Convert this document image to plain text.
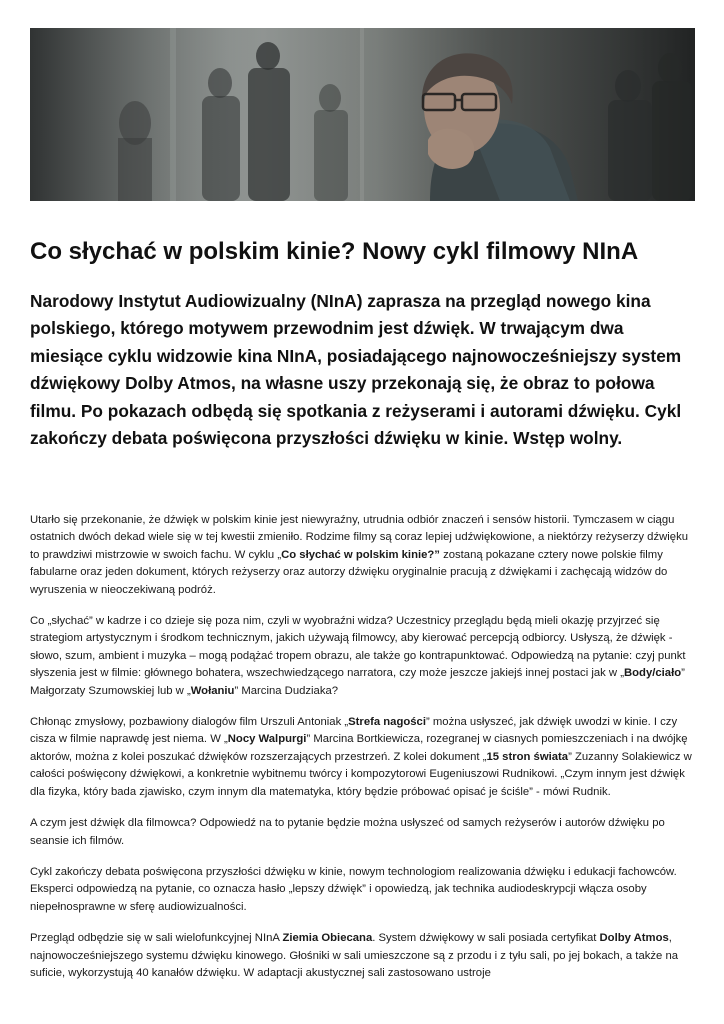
Co słychać w polskim kinie? Nowy cykl filmowy NInA

Narodowy Instytut Audiowizualny (NInA) zaprasza na przegląd nowego kina polskiego, którego motywem przewodnim jest dźwięk. W trwającym dwa miesiące cyklu widzowie kina NInA, posiadającego najnowocześniejszy system dźwiękowy Dolby Atmos, na własne uszy przekonają się, że obraz to połowa filmu. Po pokazach odbędą się spotkania z reżyserami i autorami dźwięku. Cykl zakończy debata poświęcona przyszłości dźwięku w kinie. Wstęp wolny.

Utarło się przekonanie, że dźwięk w polskim kinie jest niewyraźny, utrudnia odbiór znaczeń i sensów historii. Tymczasem w ciągu ostatnich dwóch dekad wiele się w tej kwestii zmieniło. Rodzime filmy są coraz lepiej udźwiękowione, a niektórzy reżyserzy dźwięku to prawdziwi mistrzowie w swoich fachu. W cyklu „Co słychać w polskim kinie?” zostaną pokazane cztery nowe polskie filmy fabularne oraz jeden dokument, których reżyserzy oraz autorzy dźwięku oryginalnie pracują z dźwiękami i zachęcają widzów do wyruszenia w nieoczekiwaną podróż.

Co „słychać” w kadrze i co dzieje się poza nim, czyli w wyobraźni widza? Uczestnicy przeglądu będą mieli okazję przyjrzeć się strategiom artystycznym i środkom technicznym, jakich używają filmowcy, aby kierować percepcją odbiorcy. Usłyszą, że dźwięk - słowo, szum, ambient i muzyka – mogą podążać tropem obrazu, ale także go kontrapunktować. Odpowiedzą na pytanie: czyj punkt słyszenia jest w filmie: głównego bohatera, wszechwiedzącego narratora, czy może jeszcze jakiejś innej postaci jak w „Body/ciało” Małgorzaty Szumowskiej lub w „Wołaniu” Marcina Dudziaka?

Chłonąc zmysłowy, pozbawiony dialogów film Urszuli Antoniak „Strefa nagości” można usłyszeć, jak dźwięk uwodzi w kinie. I czy cisza w filmie naprawdę jest niema. W „Nocy Walpurgi” Marcina Bortkiewicza, rozegranej w ciasnych pomieszczeniach i na dwójkę aktorów, można z kolei poszukać dźwięków rozszerzających przestrzeń. Z kolei dokument „15 stron świata” Zuzanny Solakiewicz w całości poświęcony dźwiękowi, a konkretnie wybitnemu twórcy i kompozytorowi Eugeniuszowi Rudnikowi. „Czym innym jest dźwięk dla fizyka, który bada zjawisko, czym innym dla matematyka, który będzie próbować opisać je ściśle” - mówi Rudnik.

A czym jest dźwięk dla filmowca? Odpowiedź na to pytanie będzie można usłyszeć od samych reżyserów i autorów dźwięku po seansie ich filmów.

Cykl zakończy debata poświęcona przyszłości dźwięku w kinie, nowym technologiom realizowania dźwięku i edukacji fachowców. Eksperci odpowiedzą na pytanie, co oznacza hasło „lepszy dźwięk” i opowiedzą, jak technika audiodeskrypcji włącza osoby niepełnosprawne w sferę audiowizualności.

Przegląd odbędzie się w sali wielofunkcyjnej NInA Ziemia Obiecana. System dźwiękowy w sali posiada certyfikat Dolby Atmos, najnowocześniejszego systemu dźwięku kinowego. Głośniki w sali umieszczone są z przodu i z tyłu sali, po jej bokach, a także na suficie, wykorzystują 40 kanałów dźwięku. W adaptacji akustycznej sali zastosowano ustroje
